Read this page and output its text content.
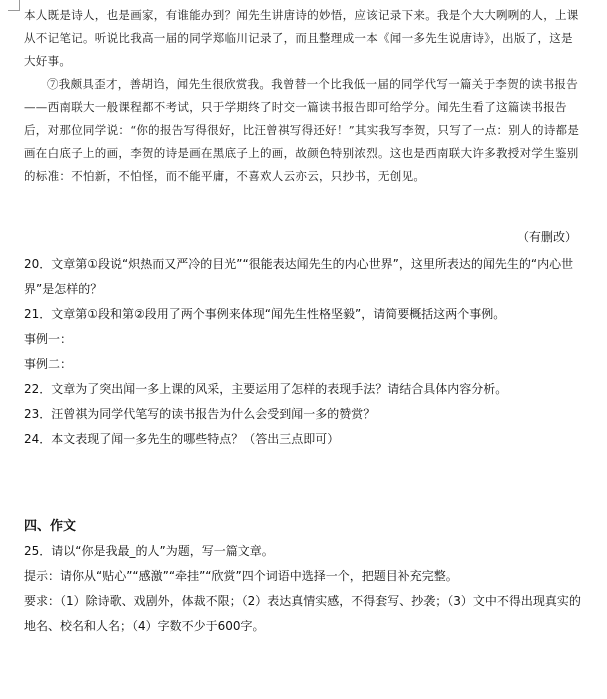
本人既是诗人，也是画家，有谁能办到？闻先生讲唐诗的妙悟，应该记录下来。我是个大大咧咧的人，上课从不记笔记。听说比我高一届的同学郑临川记录了，而且整理成一本《闻一多先生说唐诗》，出版了，这是大好事。

⑦我颇具歪才，善胡诌，闻先生很欣赏我。我曾替一个比我低一届的同学代写一篇关于李贺的读书报告——西南联大一般课程都不考试，只于学期终了时交一篇读书报告即可给学分。闻先生看了这篇读书报告后，对那位同学说：“你的报告写得很好，比汪曾祺写得还好！”其实我写李贺，只写了一点：别人的诗都是画在白底子上的画，李贺的诗是画在黑底子上的画，故颜色特别浓烈。这也是西南联大许多教授对学生鉴别的标准：不怕新，不怕怪，而不能平庸，不喜欢人云亦云，只抄书，无创见。

（有删改）

20．文章第①段说“炽热而又严冷的目光”“很能表达闻先生的内心世界”，这里所表达的闻先生的“内心世界”是怎样的？

21．文章第①段和第②段用了两个事例来体现“闻先生性格坚毅”，请简要概括这两个事例。

事例一：

事例二：

22．文章为了突出闻一多上课的风采，主要运用了怎样的表现手法？请结合具体内容分析。

23．汪曾祺为同学代笔写的读书报告为什么会受到闻一多的赞赏？

24．本文表现了闻一多先生的哪些特点？（答出三点即可）

四、作文

25．请以“你是我最_的人”为题，写一篇文章。

提示：请你从“贴心”“感激”“牵挂”“欣赏”四个词语中选择一个，把题目补充完整。

要求：（1）除诗歌、戏剧外，体裁不限；（2）表达真情实感，不得套写、抄袭；（3）文中不得出现真实的地名、校名和人名；（4）字数不少于600字。
